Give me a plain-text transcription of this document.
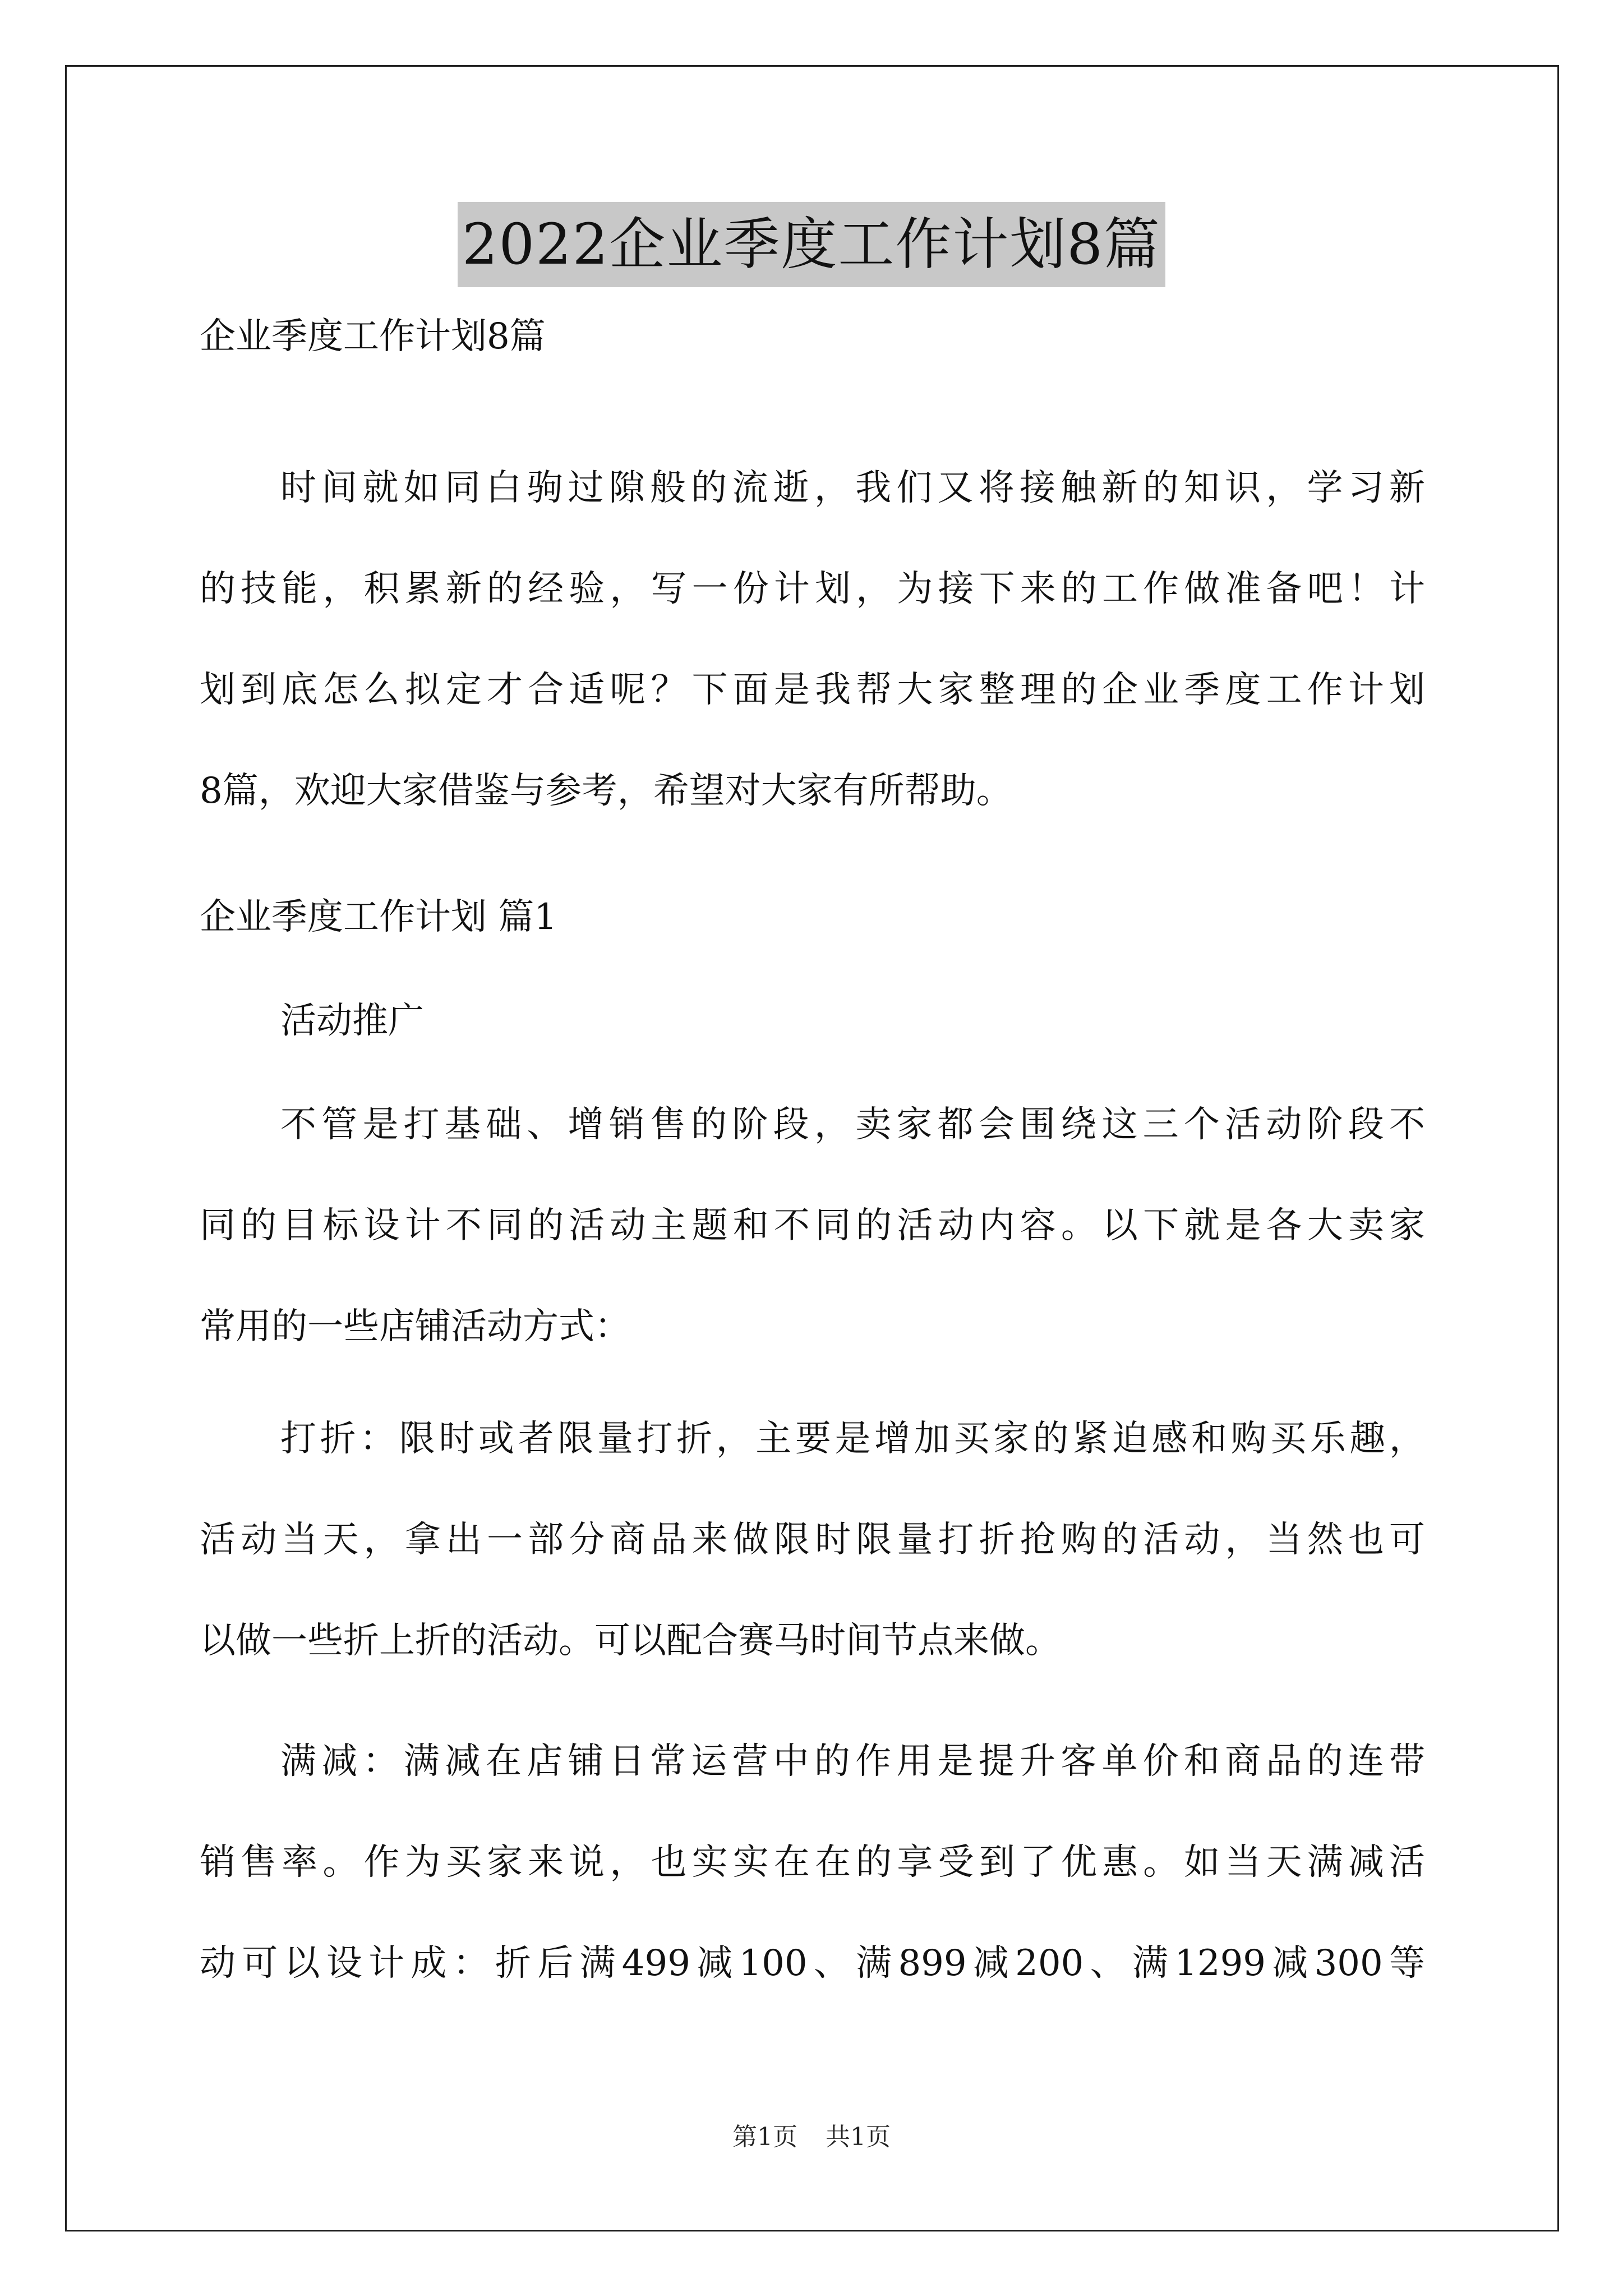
2022企业季度工作计划8篇
企业季度工作计划8篇
时间就如同白驹过隙般的流逝，我们又将接触新的知识，学习新
的技能，积累新的经验，写一份计划，为接下来的工作做准备吧！计
划到底怎么拟定才合适呢？下面是我帮大家整理的企业季度工作计划
8篇，欢迎大家借鉴与参考，希望对大家有所帮助。
企业季度工作计划 篇1
活动推广
不管是打基础、增销售的阶段，卖家都会围绕这三个活动阶段不
同的目标设计不同的活动主题和不同的活动内容。以下就是各大卖家
常用的一些店铺活动方式：
打折：限时或者限量打折，主要是增加买家的紧迫感和购买乐趣，
活动当天，拿出一部分商品来做限时限量打折抢购的活动，当然也可
以做一些折上折的活动。可以配合赛马时间节点来做。
满减：满减在店铺日常运营中的作用是提升客单价和商品的连带
销售率。作为买家来说，也实实在在的享受到了优惠。如当天满减活
动可以设计成：折后满499减100、满899减200、满1299减300等
第1页 共1页
